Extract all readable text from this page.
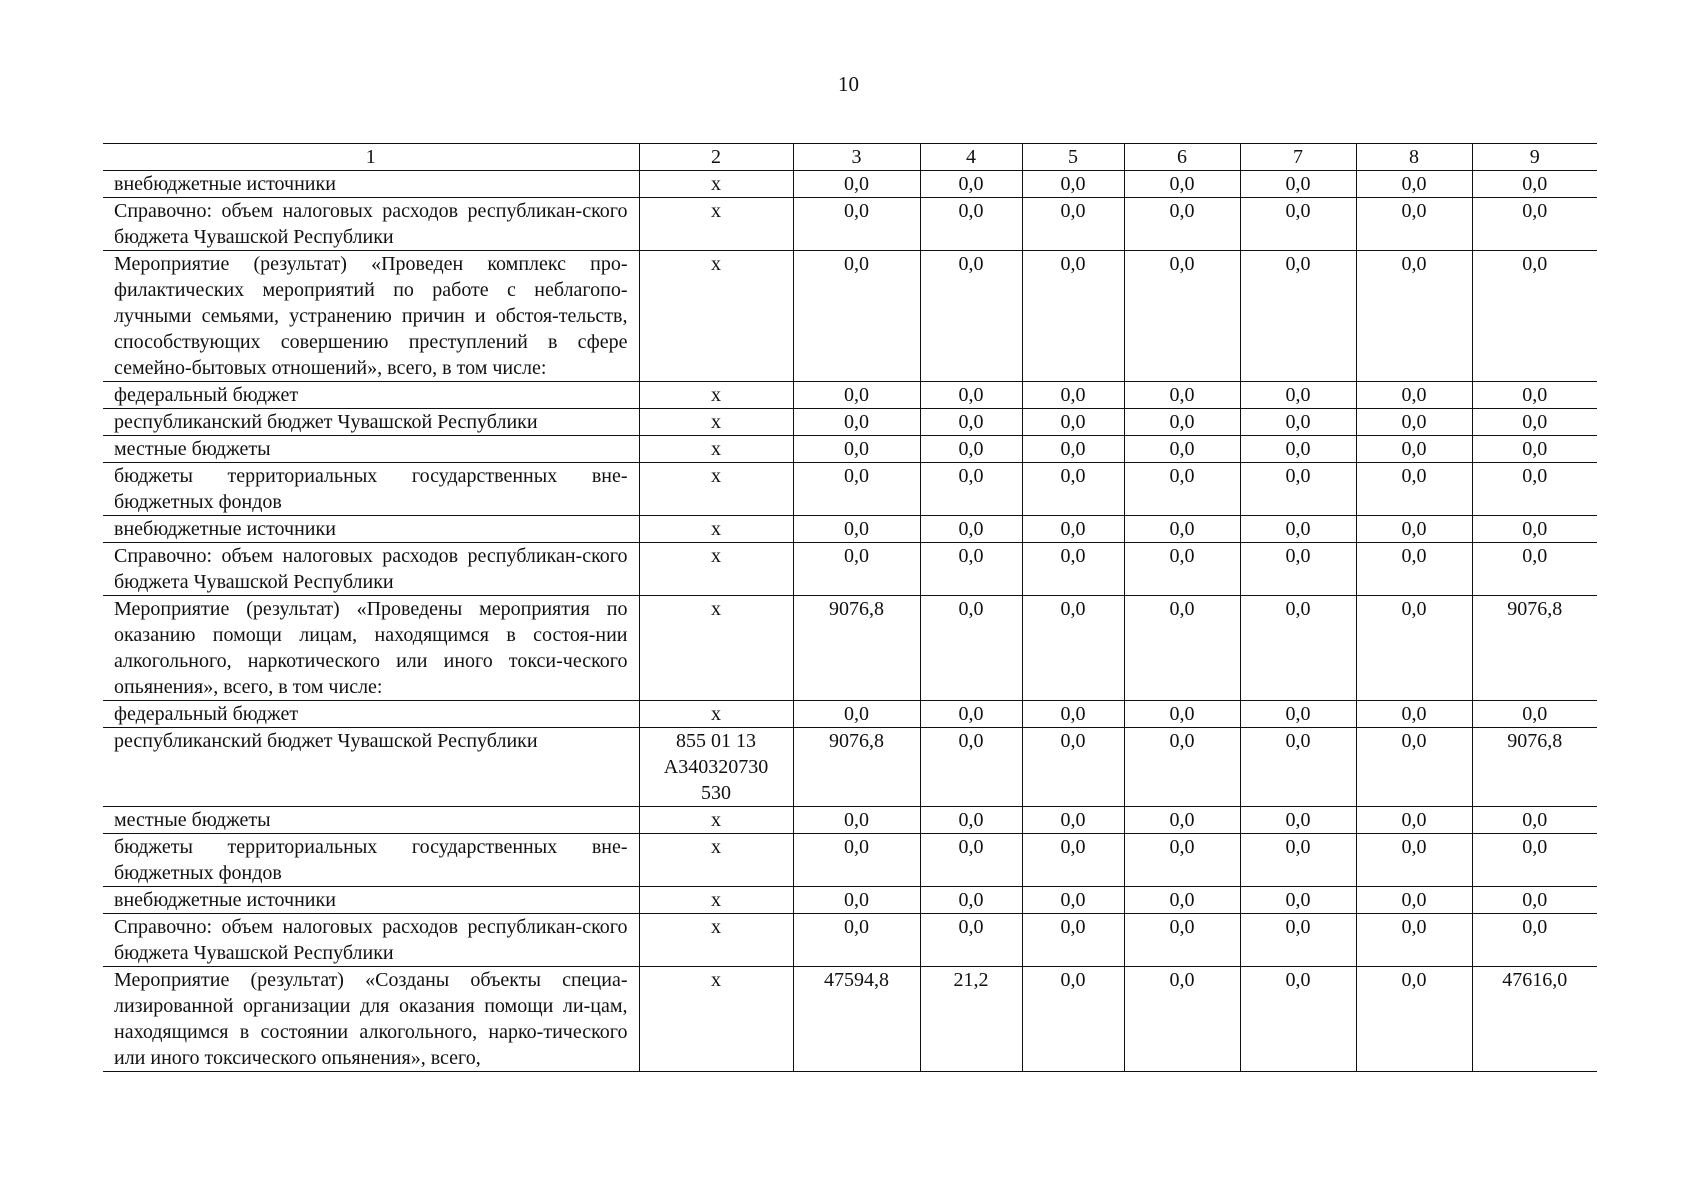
10
1	2	3	4	5	6	7	8	9
внебюджетные источники	х	0,0	0,0	0,0	0,0	0,0	0,0	0,0
Справочно: объем налоговых расходов республикан-ского бюджета Чувашской Республики	х	0,0	0,0	0,0	0,0	0,0	0,0	0,0
Мероприятие (результат) «Проведен комплекс про-филактических мероприятий по работе с неблагопо-лучными семьями, устранению причин и обстоя-тельств, способствующих совершению преступлений в сфере семейно-бытовых отношений», всего, в том числе:	х	0,0	0,0	0,0	0,0	0,0	0,0	0,0
федеральный бюджет	х	0,0	0,0	0,0	0,0	0,0	0,0	0,0
республиканский бюджет Чувашской Республики	х	0,0	0,0	0,0	0,0	0,0	0,0	0,0
местные бюджеты	х	0,0	0,0	0,0	0,0	0,0	0,0	0,0
бюджеты территориальных государственных вне-бюджетных фондов	х	0,0	0,0	0,0	0,0	0,0	0,0	0,0
внебюджетные источники	х	0,0	0,0	0,0	0,0	0,0	0,0	0,0
Справочно: объем налоговых расходов республикан-ского бюджета Чувашской Республики	х	0,0	0,0	0,0	0,0	0,0	0,0	0,0
Мероприятие (результат) «Проведены мероприятия по оказанию помощи лицам, находящимся в состоя-нии алкогольного, наркотического или иного токси-ческого опьянения», всего, в том числе:	х	9076,8	0,0	0,0	0,0	0,0	0,0	9076,8
федеральный бюджет	х	0,0	0,0	0,0	0,0	0,0	0,0	0,0
республиканский бюджет Чувашской Республики	855 01 13 А340320730 530	9076,8	0,0	0,0	0,0	0,0	0,0	9076,8
местные бюджеты	х	0,0	0,0	0,0	0,0	0,0	0,0	0,0
бюджеты территориальных государственных вне-бюджетных фондов	х	0,0	0,0	0,0	0,0	0,0	0,0	0,0
внебюджетные источники	х	0,0	0,0	0,0	0,0	0,0	0,0	0,0
Справочно: объем налоговых расходов республикан-ского бюджета Чувашской Республики	х	0,0	0,0	0,0	0,0	0,0	0,0	0,0
Мероприятие (результат) «Созданы объекты специа-лизированной организации для оказания помощи ли-цам, находящимся в состоянии алкогольного, нарко-тического или иного токсического опьянения», всего,	х	47594,8	21,2	0,0	0,0	0,0	0,0	47616,0
